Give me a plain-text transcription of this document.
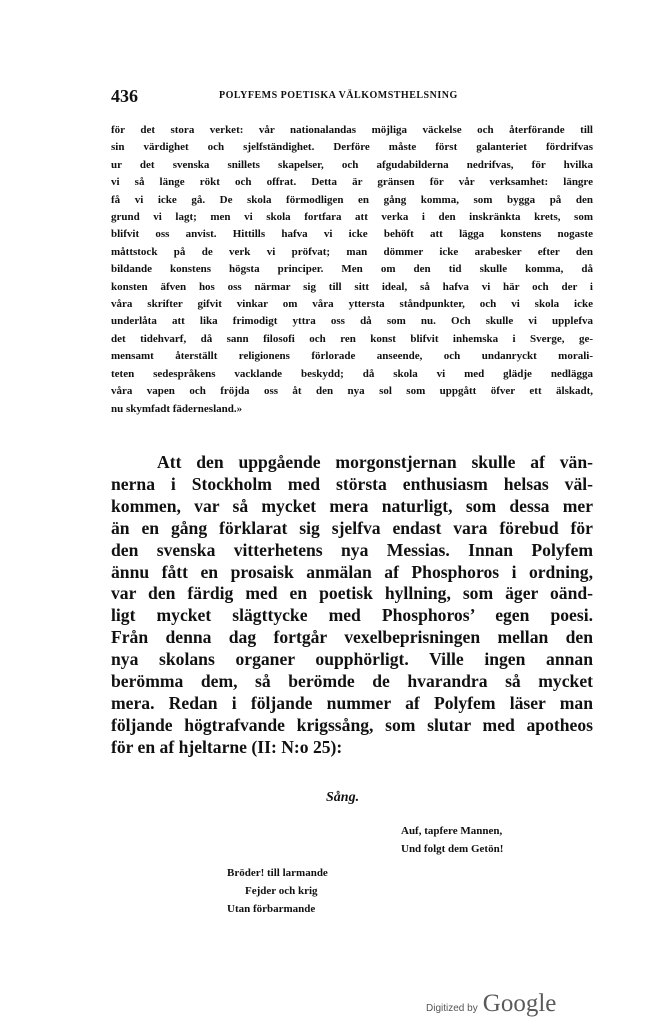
436	POLYFEMS POETISKA VÄLKOMSTHELSNING
för det stora verket: vår nationalandas möjliga väckelse och återförande till
sin värdighet och sjelfständighet. Derföre måste först galanteriet fördrifvas
ur det svenska snillets skapelser, och afgudabilderna nedrifvas, för hvilka
vi så länge rökt och offrat. Detta är gränsen för vår verksamhet: längre
få vi icke gå. De skola förmodligen en gång komma, som bygga på den
grund vi lagt; men vi skola fortfara att verka i den inskränkta krets, som
blifvit oss anvist. Hittills hafva vi icke behöft att lägga konstens nogaste
måttstock på de verk vi pröfvat; man dömmer icke arabesker efter den
bildande konstens högsta principer. Men om den tid skulle komma, då
konsten äfven hos oss närmar sig till sitt ideal, så hafva vi här och der i
våra skrifter gifvit vinkar om våra yttersta ståndpunkter, och vi skola icke
underlåta att lika frimodigt yttra oss då som nu. Och skulle vi upplefva
det tidehvarf, då sann filosofi och ren konst blifvit inhemska i Sverge, ge-
mensamt återställt religionens förlorade anseende, och undanryckt morali-
teten sedespråkens vacklande beskydd; då skola vi med glädje nedlägga
våra vapen och fröjda oss åt den nya sol som uppgått öfver ett älskadt,
nu skymfadt fädernesland.»
Att den uppgående morgonstjernan skulle af vän-
nerna i Stockholm med största enthusiasm helsas väl-
kommen, var så mycket mera naturligt, som dessa mer
än en gång förklarat sig sjelfva endast vara förebud för
den svenska vitterhetens nya Messias. Innan Polyfem
ännu fått en prosaisk anmälan af Phosphoros i ordning,
var den färdig med en poetisk hyllning, som äger oänd-
ligt mycket slägttycke med Phosphoros’ egen poesi.
Från denna dag fortgår vexelbeprisningen mellan den
nya skolans organer oupphörligt. Ville ingen annan
berömma dem, så berömde de hvarandra så mycket
mera. Redan i följande nummer af Polyfem läser man
följande högtrafvande krigssång, som slutar med apotheos
för en af hjeltarne (II: N:o 25):
Sång.
Auf, tapfere Mannen,
Und folgt dem Getön!
Bröder! till larmande
Fejder och krig
Utan förbarmande
Digitized by Google
